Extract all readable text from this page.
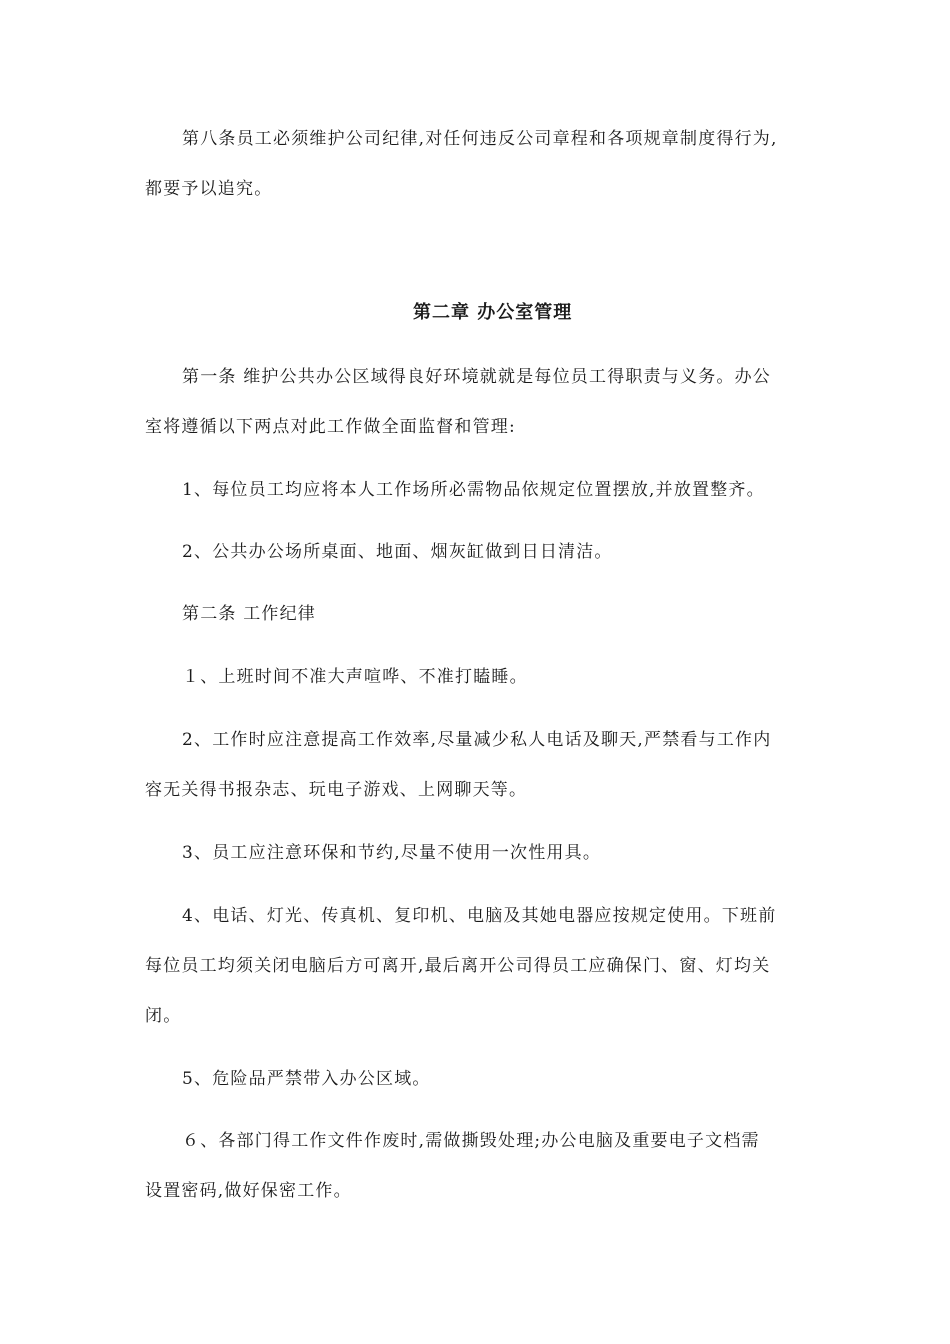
第八条员工必须维护公司纪律,对任何违反公司章程和各项规章制度得行为,
都要予以追究。
第二章 办公室管理
第一条 维护公共办公区域得良好环境就就是每位员工得职责与义务。办公
室将遵循以下两点对此工作做全面监督和管理:
1、每位员工均应将本人工作场所必需物品依规定位置摆放,并放置整齐。
2、公共办公场所桌面、地面、烟灰缸做到日日清洁。
第二条 工作纪律
１、上班时间不准大声喧哗、不准打瞌睡。
2、工作时应注意提高工作效率,尽量减少私人电话及聊天,严禁看与工作内
容无关得书报杂志、玩电子游戏、上网聊天等。
3、员工应注意环保和节约,尽量不使用一次性用具。
4、电话、灯光、传真机、复印机、电脑及其她电器应按规定使用。下班前
每位员工均须关闭电脑后方可离开,最后离开公司得员工应确保门、窗、灯均关
闭。
5、危险品严禁带入办公区域。
６、各部门得工作文件作废时,需做撕毁处理;办公电脑及重要电子文档需
设置密码,做好保密工作。
